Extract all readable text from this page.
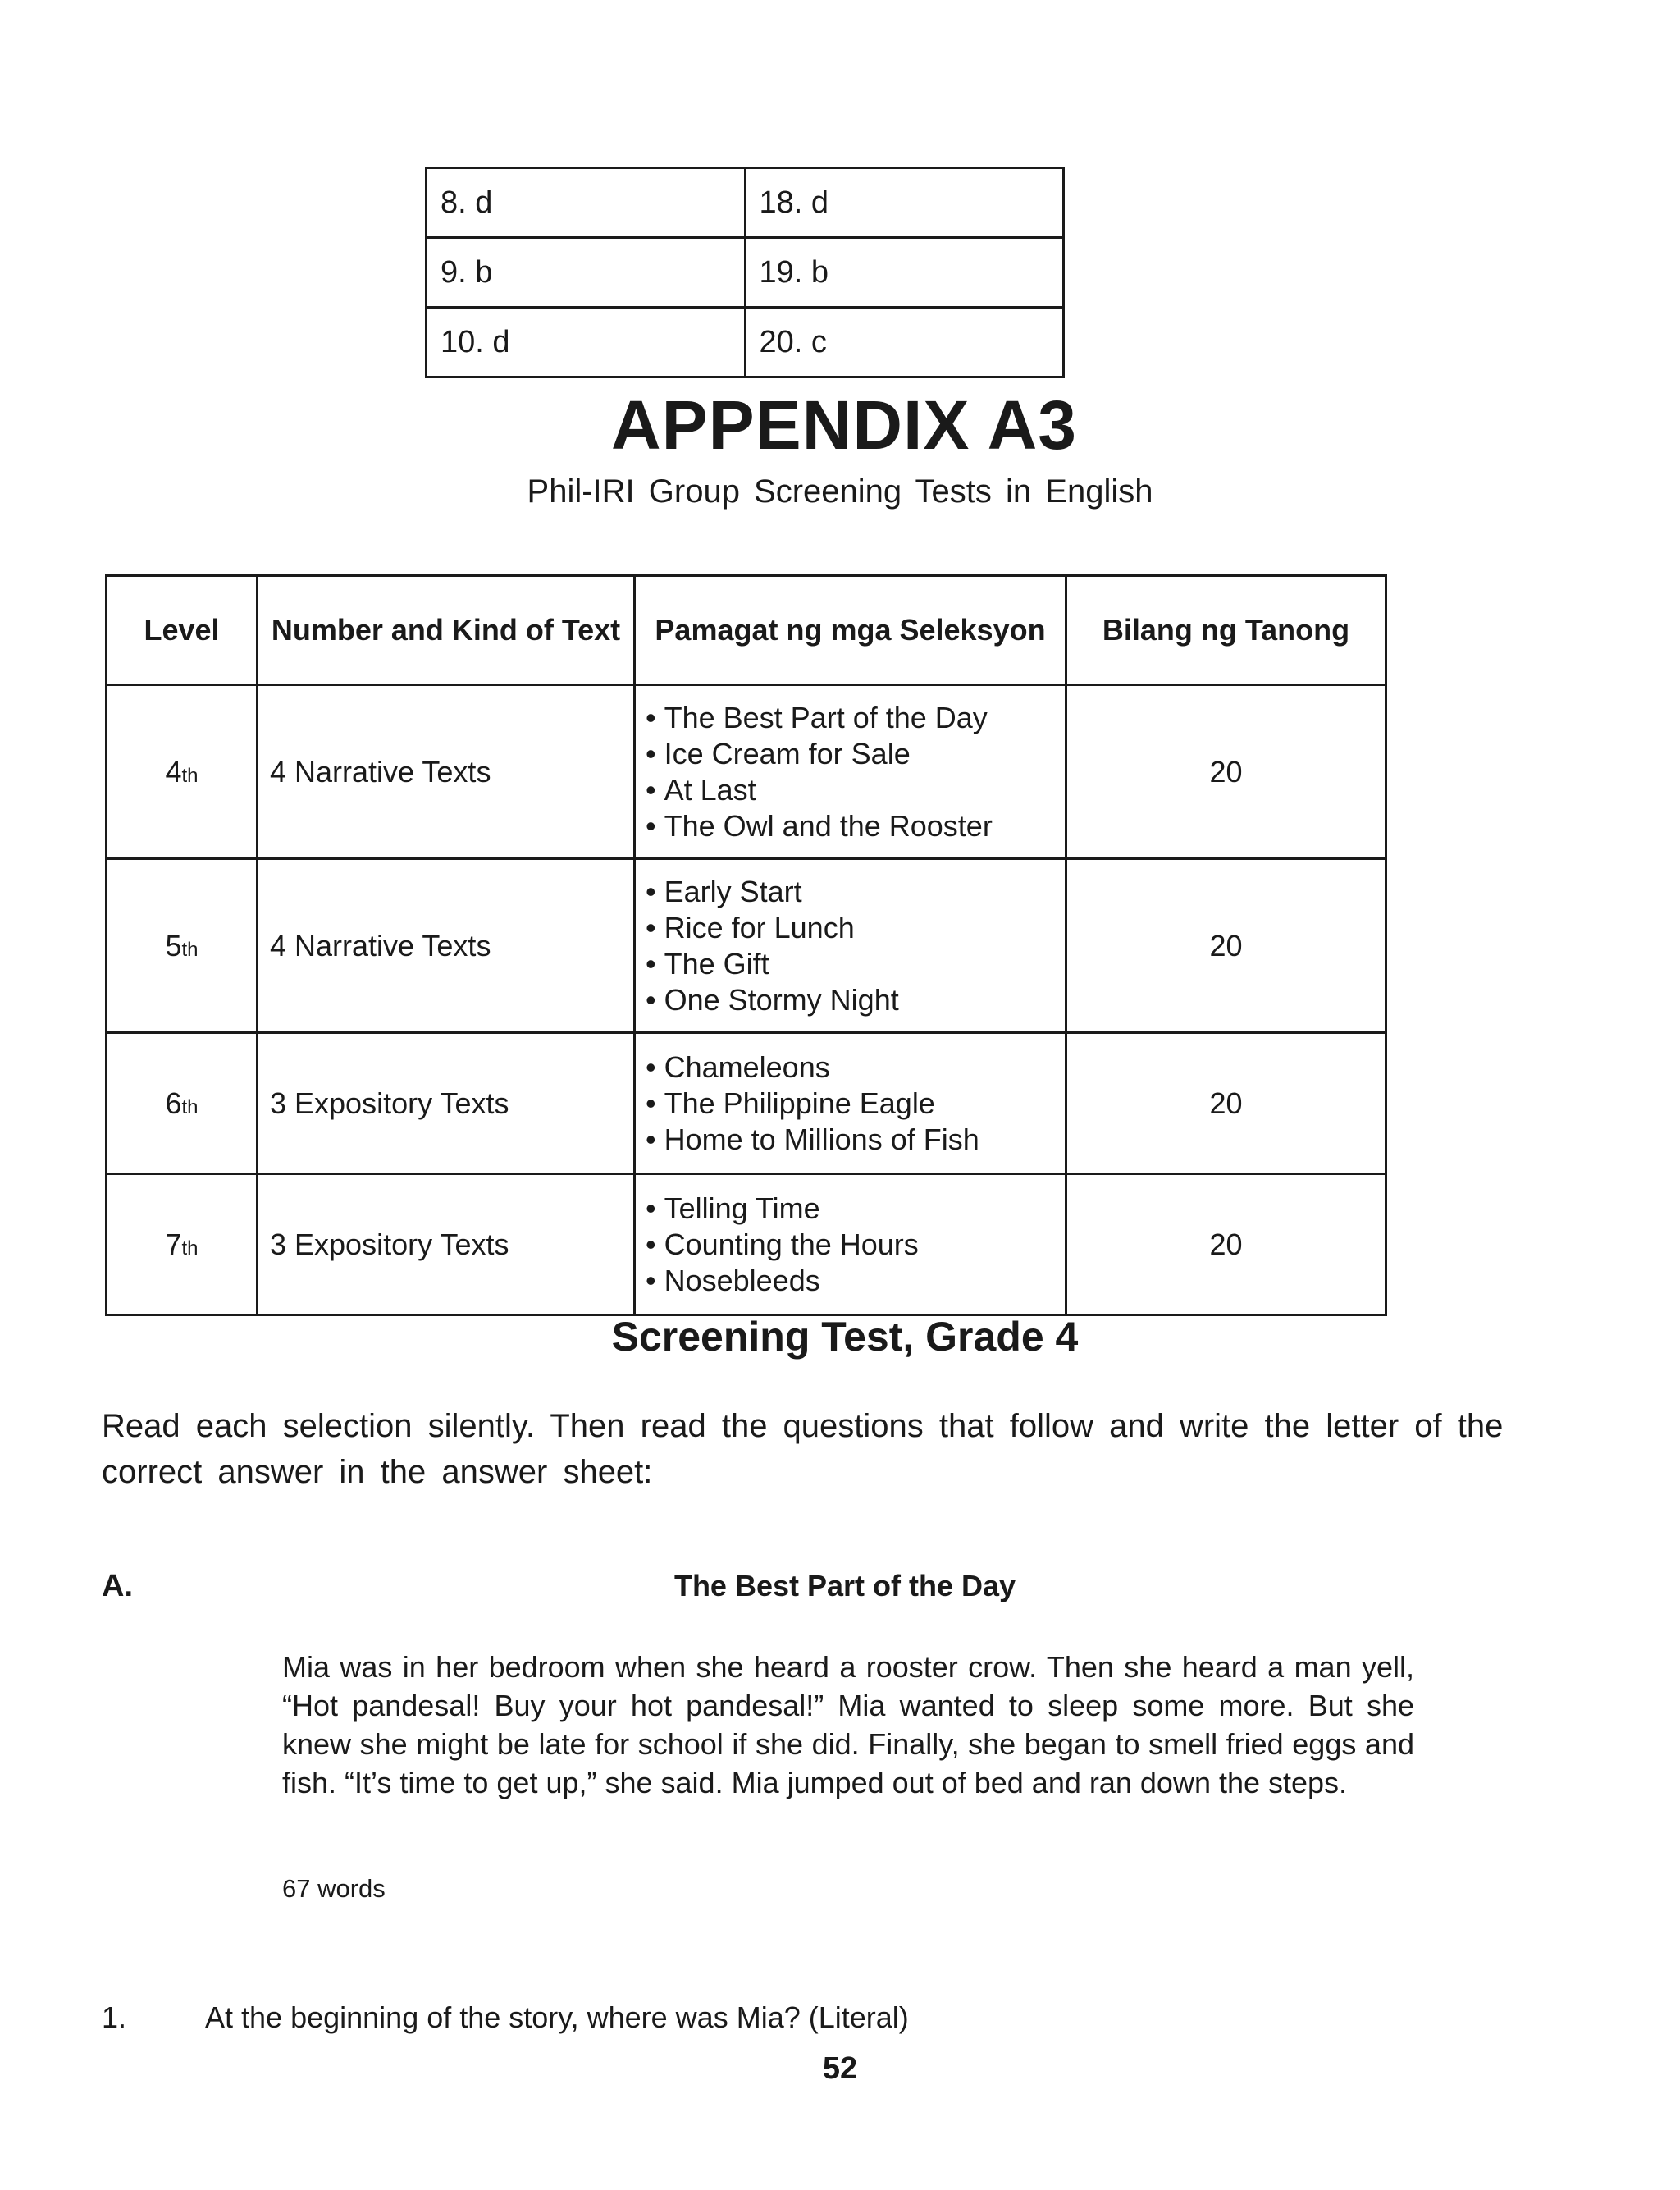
8. d	18. d
9. b	19. b
10. d	20. c
APPENDIX A3
Phil-IRI Group Screening Tests in English
Level	Number and Kind of Text	Pamagat ng mga Seleksyon	Bilang ng Tanong
4th	4 Narrative Texts	• The Best Part of the Day
• Ice Cream for Sale
• At Last
• The Owl and the Rooster	20
5th	4 Narrative Texts	• Early Start
• Rice for Lunch
• The Gift
• One Stormy Night	20
6th	3 Expository Texts	• Chameleons
• The Philippine Eagle
• Home to Millions of Fish	20
7th	3 Expository Texts	• Telling Time
• Counting the Hours
• Nosebleeds	20
Screening Test, Grade 4
Read each selection silently. Then read the questions that follow and write the letter of the correct answer in the answer sheet:
A.	The Best Part of the Day
Mia was in her bedroom when she heard a rooster crow. Then she heard a man yell, “Hot pandesal! Buy your hot pandesal!” Mia wanted to sleep some more. But she knew she might be late for school if she did. Finally, she began to smell fried eggs and fish. “It’s time to get up,” she said. Mia jumped out of bed and ran down the steps.
67 words
1.	At the beginning of the story, where was Mia? (Literal)
52
